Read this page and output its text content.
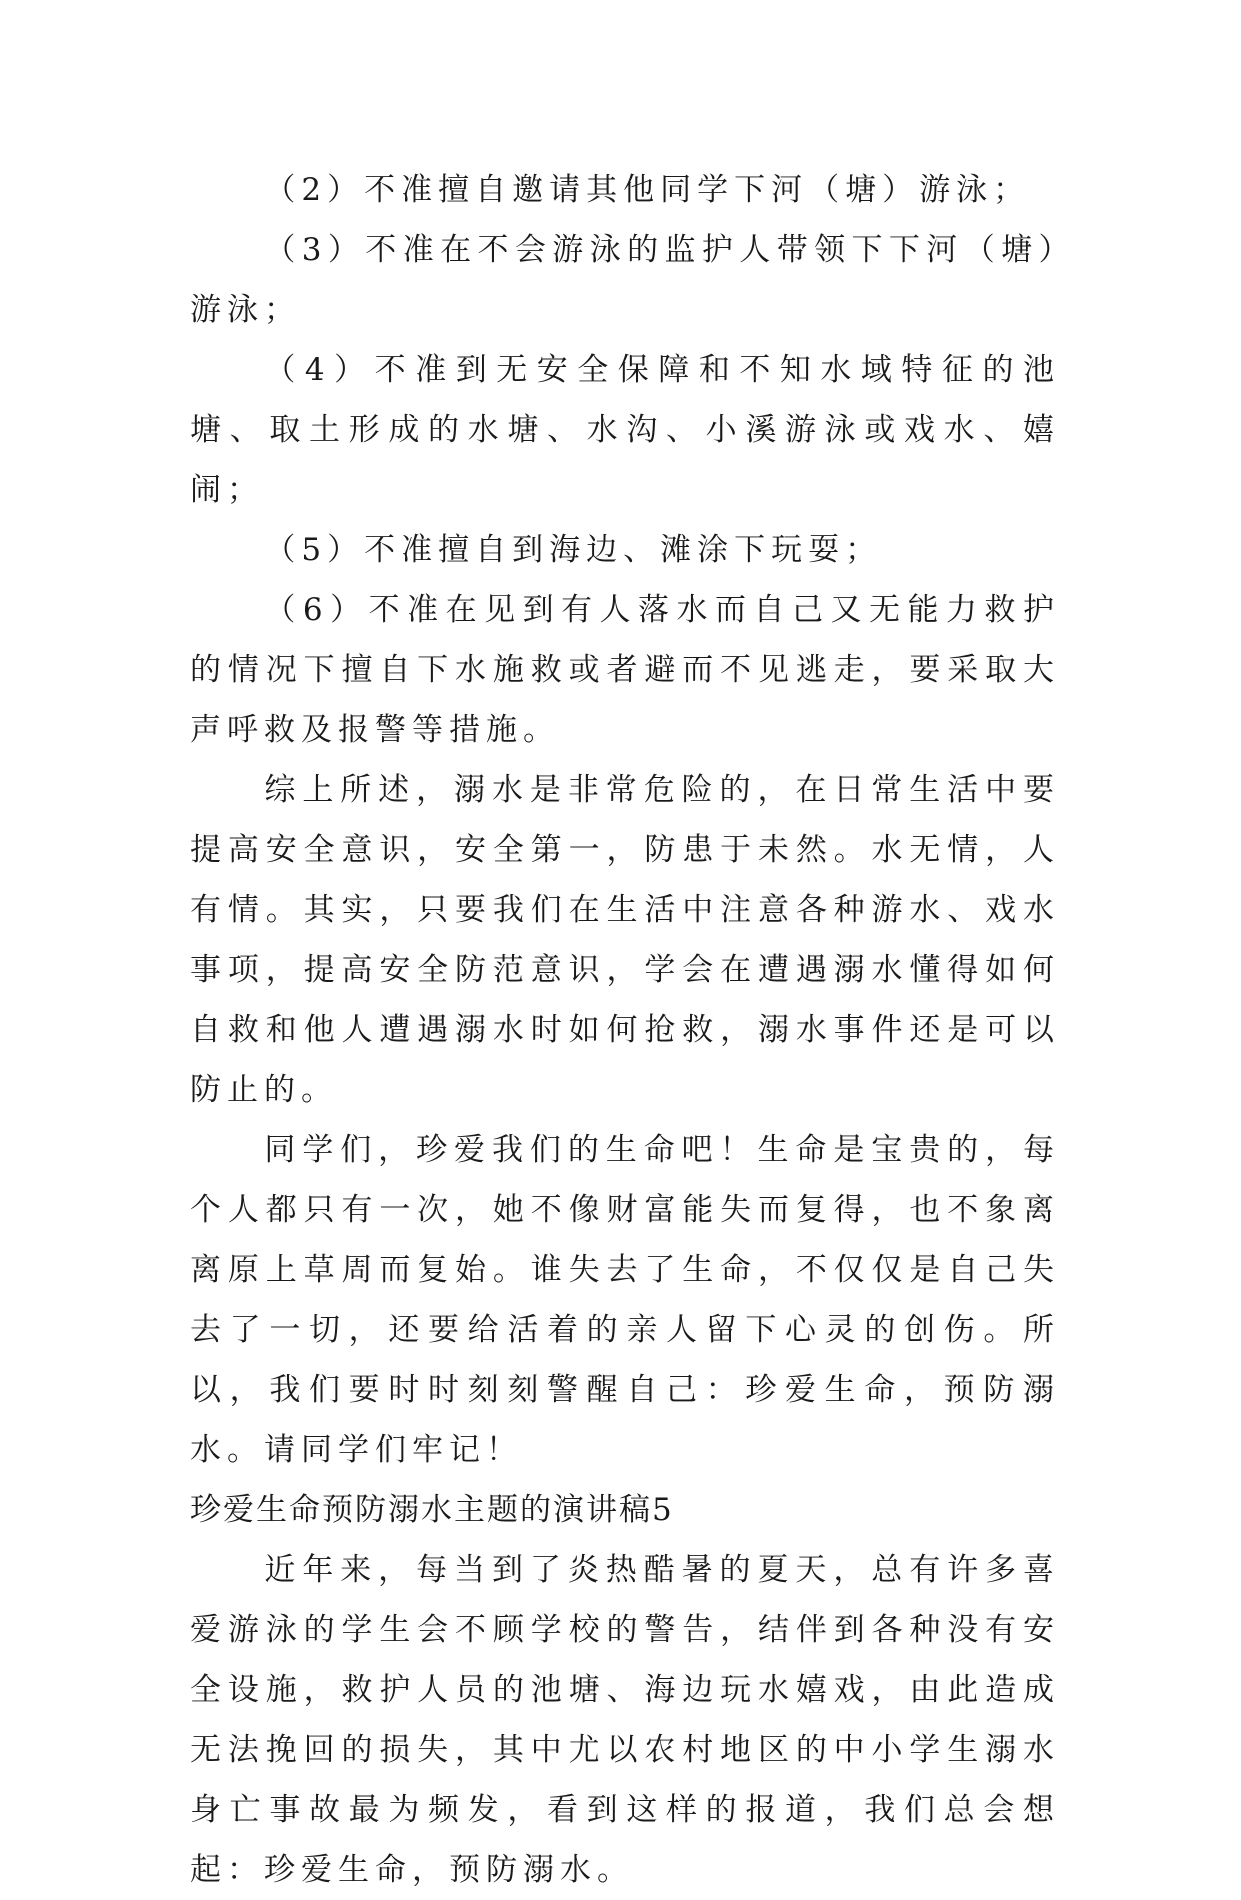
（2）不准擅自邀请其他同学下河（塘）游泳；

（3）不准在不会游泳的监护人带领下下河（塘）游泳；

（4）不准到无安全保障和不知水域特征的池塘、取土形成的水塘、水沟、小溪游泳或戏水、嬉闹；

（5）不准擅自到海边、滩涂下玩耍；

（6）不准在见到有人落水而自己又无能力救护的情况下擅自下水施救或者避而不见逃走，要采取大声呼救及报警等措施。

综上所述，溺水是非常危险的，在日常生活中要提高安全意识，安全第一，防患于未然。水无情，人有情。其实，只要我们在生活中注意各种游水、戏水事项，提高安全防范意识，学会在遭遇溺水懂得如何自救和他人遭遇溺水时如何抢救，溺水事件还是可以防止的。

同学们，珍爱我们的生命吧！生命是宝贵的，每个人都只有一次，她不像财富能失而复得，也不象离离原上草周而复始。谁失去了生命，不仅仅是自己失去了一切，还要给活着的亲人留下心灵的创伤。所以，我们要时时刻刻警醒自己：珍爱生命，预防溺水。请同学们牢记！

珍爱生命预防溺水主题的演讲稿5

近年来，每当到了炎热酷暑的夏天，总有许多喜爱游泳的学生会不顾学校的警告，结伴到各种没有安全设施，救护人员的池塘、海边玩水嬉戏，由此造成无法挽回的损失，其中尤以农村地区的中小学生溺水身亡事故最为频发，看到这样的报道，我们总会想起：珍爱生命，预防溺水。
